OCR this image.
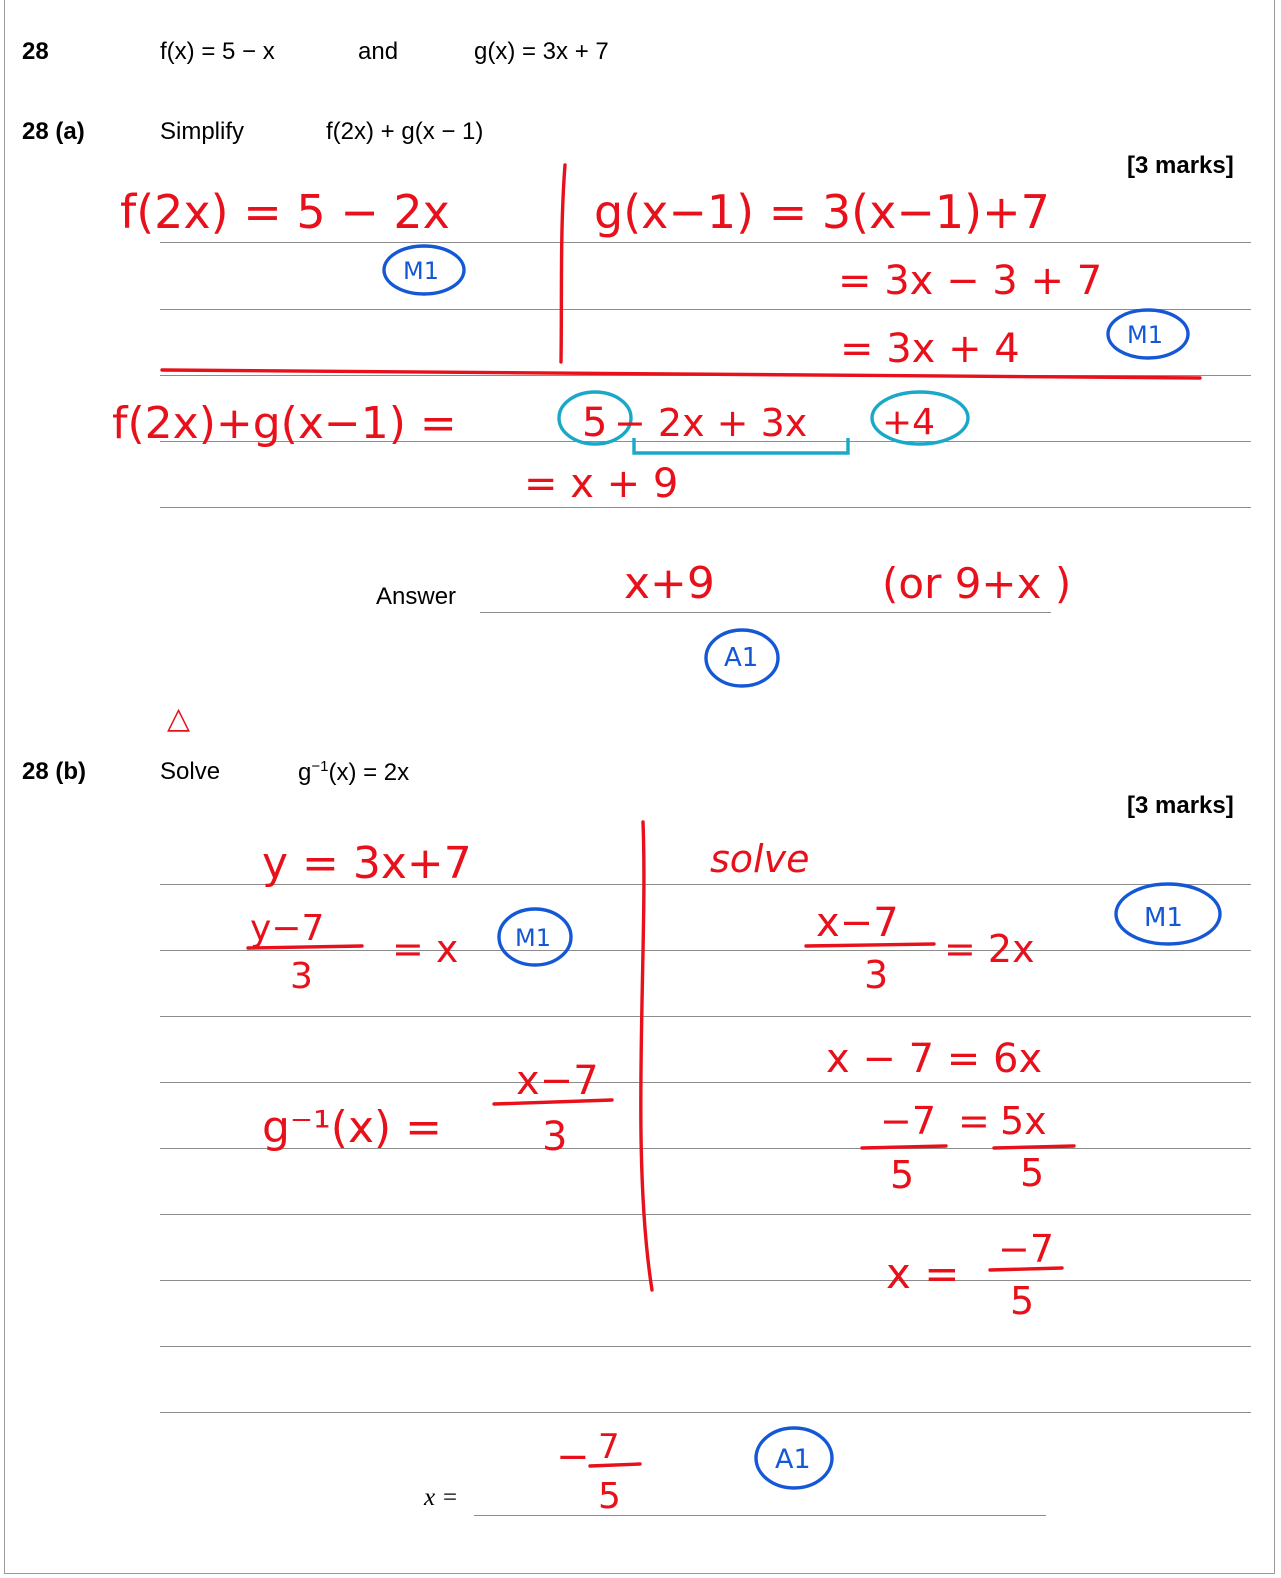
28	f(x) = 5 − x	and	g(x) = 3x + 7
28 (a)	Simplify	f(2x) + g(x − 1)
[3 marks]
Answer
28 (b)	Solve	$g^{-1}(x) = 2x$
[3 marks]
x =
f(2x) = 5 − 2x
M1
g(x−1) = 3(x−1)+7
= 3x − 3 + 7
= 3x + 4	M1
f(2x)+g(x−1) =	5 − 2x + 3x +4
= x + 9
x+9	(or 9+x )
A1
△
y = 3x+7
y−7
3
= x M1
g⁻¹(x) =
x−7
3
solve
x−7
3
= 2x
M1
x − 7 = 6x
−7 = 5x
5	5
x = −7
5
− 7
5
A1
